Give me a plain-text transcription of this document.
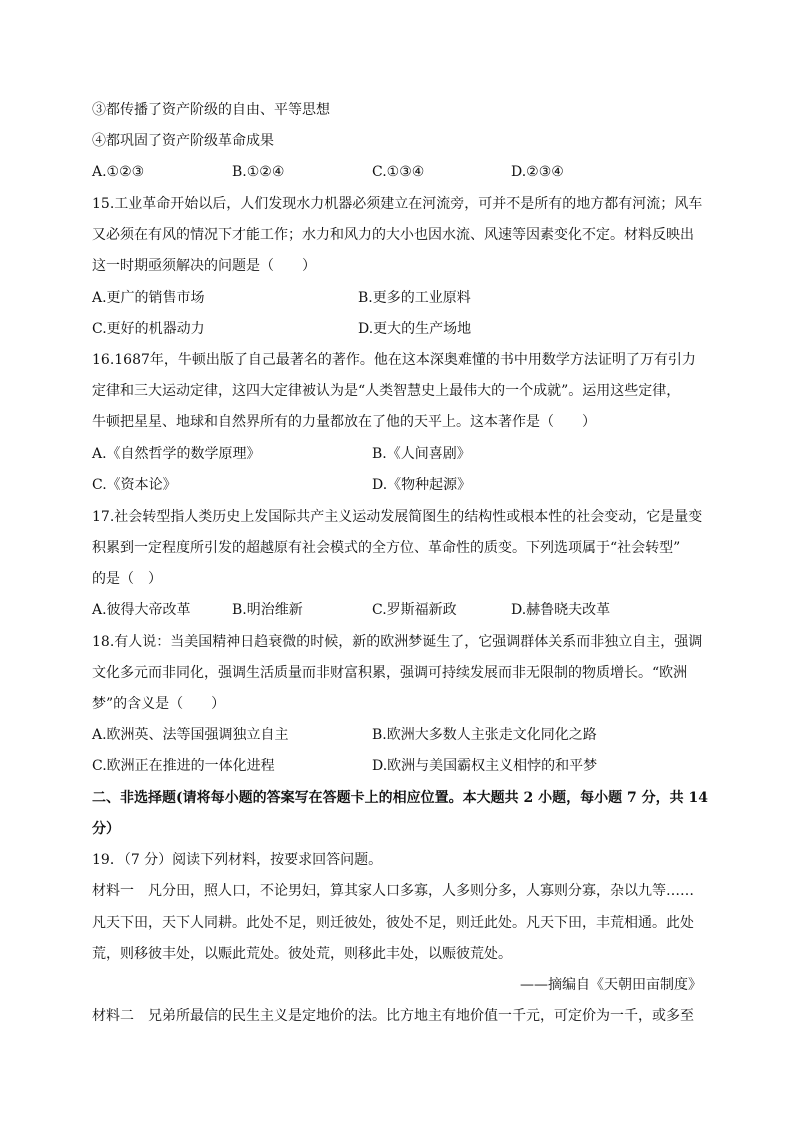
③都传播了资产阶级的自由、平等思想
④都巩固了资产阶级革命成果
A.①②③	B.①②④	C.①③④	D.②③④
15.工业革命开始以后，人们发现水力机器必须建立在河流旁，可并不是所有的地方都有河流；风车
又必须在有风的情况下才能工作；水力和风力的大小也因水流、风速等因素变化不定。材料反映出
这一时期亟须解决的问题是（　　）
A.更广的销售市场	B.更多的工业原料
C.更好的机器动力	D.更大的生产场地
16.1687年，牛顿出版了自己最著名的著作。他在这本深奥难懂的书中用数学方法证明了万有引力
定律和三大运动定律，这四大定律被认为是“人类智慧史上最伟大的一个成就”。运用这些定律，
牛顿把星星、地球和自然界所有的力量都放在了他的天平上。这本著作是（　　）
A.《自然哲学的数学原理》	B.《人间喜剧》
C.《资本论》	D.《物种起源》
17.社会转型指人类历史上发国际共产主义运动发展简图生的结构性或根本性的社会变动，它是量变
积累到一定程度所引发的超越原有社会模式的全方位、革命性的质变。下列选项属于“社会转型”
的是（　）
A.彼得大帝改革	B.明治维新	C.罗斯福新政	D.赫鲁晓夫改革
18.有人说：当美国精神日趋衰微的时候，新的欧洲梦诞生了，它强调群体关系而非独立自主，强调
文化多元而非同化，强调生活质量而非财富积累，强调可持续发展而非无限制的物质增长。“欧洲
梦”的含义是（　　）
A.欧洲英、法等国强调独立自主	B.欧洲大多数人主张走文化同化之路
C.欧洲正在推进的一体化进程	D.欧洲与美国霸权主义相悖的和平梦
二、非选择题(请将每小题的答案写在答题卡上的相应位置。本大题共 2 小题，每小题 7 分，共 14
分）
19．（7 分）阅读下列材料，按要求回答问题。
材料一　凡分田，照人口，不论男妇，算其家人口多寡，人多则分多，人寡则分寡，杂以九等……
凡天下田，天下人同耕。此处不足，则迁彼处，彼处不足，则迁此处。凡天下田，丰荒相通。此处
荒，则移彼丰处，以赈此荒处。彼处荒，则移此丰处，以赈彼荒处。
——摘编自《天朝田亩制度》
材料二　兄弟所最信的民生主义是定地价的法。比方地主有地价值一千元，可定价为一千，或多至
